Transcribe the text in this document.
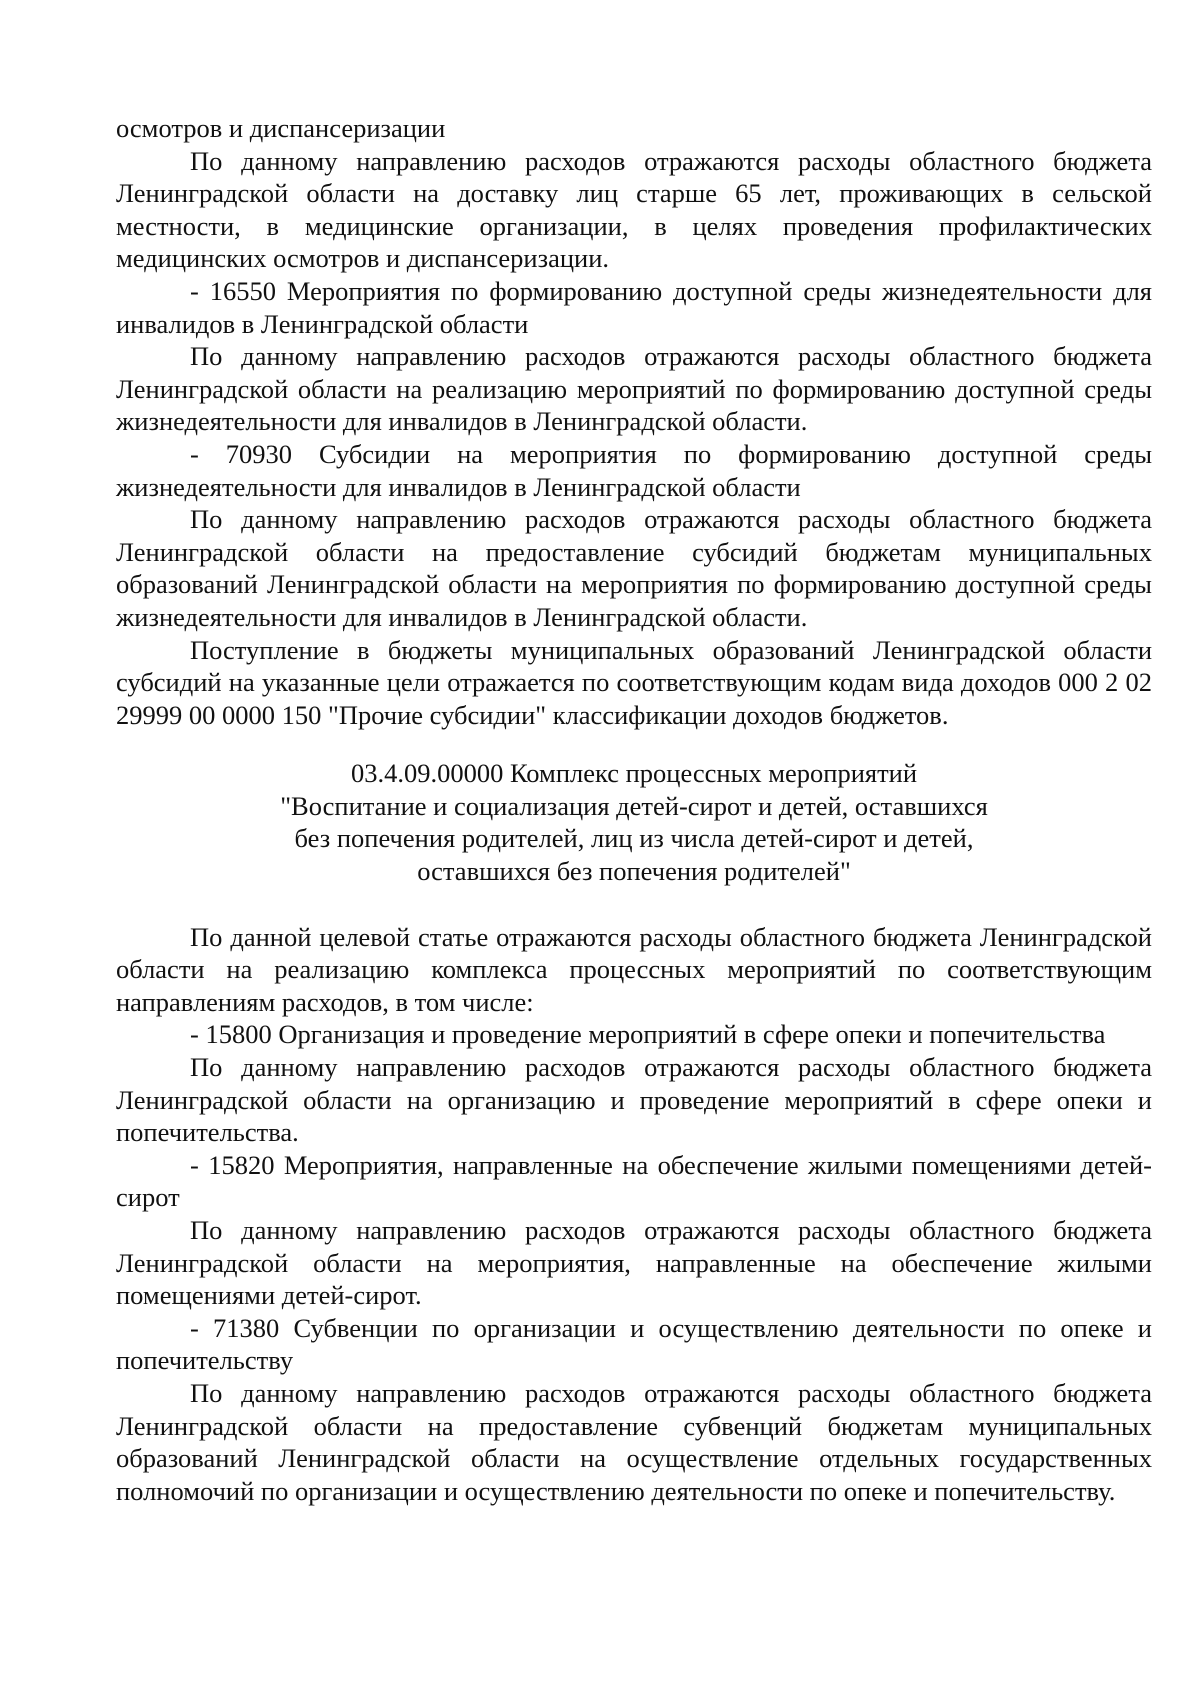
осмотров и диспансеризации

По данному направлению расходов отражаются расходы областного бюджета Ленинградской области на доставку лиц старше 65 лет, проживающих в сельской местности, в медицинские организации, в целях проведения профилактических медицинских осмотров и диспансеризации.

- 16550 Мероприятия по формированию доступной среды жизнедеятельности для инвалидов в Ленинградской области

По данному направлению расходов отражаются расходы областного бюджета Ленинградской области на реализацию мероприятий по формированию доступной среды жизнедеятельности для инвалидов в Ленинградской области.

- 70930 Субсидии на мероприятия по формированию доступной среды жизнедеятельности для инвалидов в Ленинградской области

По данному направлению расходов отражаются расходы областного бюджета Ленинградской области на предоставление субсидий бюджетам муниципальных образований Ленинградской области на мероприятия по формированию доступной среды жизнедеятельности для инвалидов в Ленинградской области.

Поступление в бюджеты муниципальных образований Ленинградской области субсидий на указанные цели отражается по соответствующим кодам вида доходов 000 2 02 29999 00 0000 150 "Прочие субсидии" классификации доходов бюджетов.

03.4.09.00000 Комплекс процессных мероприятий
"Воспитание и социализация детей-сирот и детей, оставшихся
без попечения родителей, лиц из числа детей-сирот и детей,
оставшихся без попечения родителей"

По данной целевой статье отражаются расходы областного бюджета Ленинградской области на реализацию комплекса процессных мероприятий по соответствующим направлениям расходов, в том числе:

- 15800 Организация и проведение мероприятий в сфере опеки и попечительства

По данному направлению расходов отражаются расходы областного бюджета Ленинградской области на организацию и проведение мероприятий в сфере опеки и попечительства.

- 15820 Мероприятия, направленные на обеспечение жилыми помещениями детей-сирот

По данному направлению расходов отражаются расходы областного бюджета Ленинградской области на мероприятия, направленные на обеспечение жилыми помещениями детей-сирот.

- 71380 Субвенции по организации и осуществлению деятельности по опеке и попечительству

По данному направлению расходов отражаются расходы областного бюджета Ленинградской области на предоставление субвенций бюджетам муниципальных образований Ленинградской области на осуществление отдельных государственных полномочий по организации и осуществлению деятельности по опеке и попечительству.
